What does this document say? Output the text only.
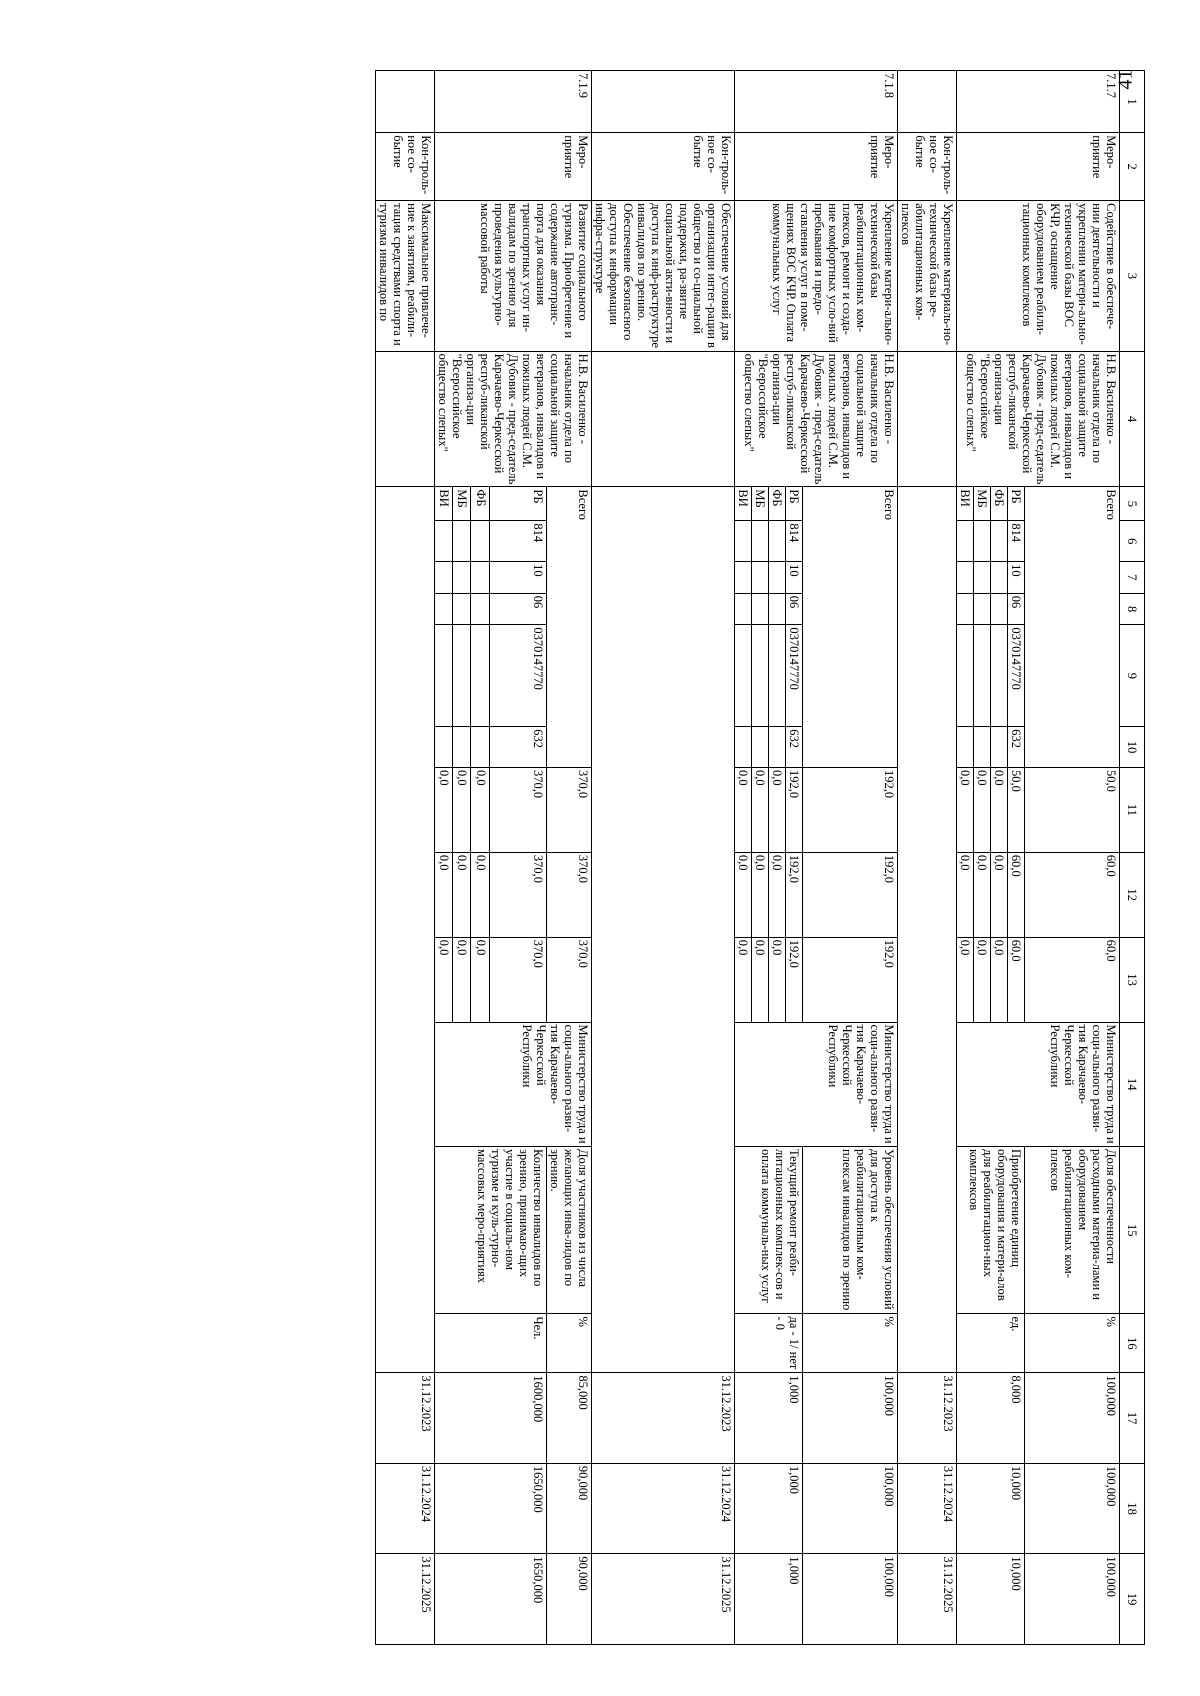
41
1	2	3	4	5	6	7	8	9	10	11	12	13	14	15	16	17	18	19
7.1.7	Меро-приятие	Содействие в обеспече-нии деятельности и укреплении матери-ально-технической базы ВОС КЧР, оснащение оборудованием реабили-тационных комплексов	Н.В. Василенко - начальник отдела по социальной защите ветеранов, инвалидов и пожилых людей С.М. Дубовик - пред-седатель Карачаево-Черкесской респуб-ликанской организа-ции "Всероссийское общество слепых"	Всего						50,0	60,0	60,0	Министерство труда и соци-ального разви-тия Карачаево-Черкесской Республики	Доля обеспеченности расходными материа-лами и оборудованием реабилитационных ком-плексов	%	100,000	100,000	100,000
				РБ	814	10	06	0370147770	632	50,0	60,0	60,0		Приобретение единиц оборудования и матери-алов для реабилитацион-ных комплексов	ед.	8,000	10,000	10,000
				ФБ						0,0	0,0	0,0						
				МБ						0,0	0,0	0,0						
				ВИ						0,0	0,0	0,0						
	Кон-троль-ное со-бытие	Укрепление материаль-но-технической базы ре-абилитационных ком-плексов														31.12.2023	31.12.2024	31.12.2025
7.1.8	Меро-приятие	Укрепление матери-ально-технической базы реабилитационных ком-плексов, ремонт и созда-ние комфортных усло-вий пребывания и предо-ставления услуг в поме-щениях ВОС КЧР. Оплата коммунальных услуг	Н.В. Василенко - начальник отдела по социальной защите ветеранов, инвалидов и пожилых людей С.М. Дубовик - пред-седатель Карачаево-Черкесской респуб-ликанской организа-ции "Всероссийское общество слепых"	Всего						192,0	192,0	192,0	Министерство труда и соци-ального разви-тия Карачаево-Черкесской Республики	Уровень обеспечения условий для доступа к реабилитационным ком-плексам инвалидов по зрению	%	100,000	100,000	100,000
				РБ	814	10	06	0370147770	632	192,0	192,0	192,0		Текущий ремонт реаби-литационных комплек-сов и оплата коммуналь-ных услуг	да - 1/ нет - 0	1,000	1,000	1,000
				ФБ						0,0	0,0	0,0						
				МБ						0,0	0,0	0,0						
				ВИ						0,0	0,0	0,0						
	Кон-троль-ное со-бытие	Обеспечение условий для организации интег-рации в общество и со-циальной поддержки, ра-звитие социальной акти-вности и доступа к инф-раструктуре инвалидов по зрению. Обеспечение безопасного доступа к информации инфра-структуре														31.12.2023	31.12.2024	31.12.2025
7.1.9	Меро-приятие	Развитие социального туризма. Приобретение и содержание автотранс-порта для оказания транспортных услуг ин-валидам по зрению для проведения культурно-массовой работы	Н.В. Василенко - начальник отдела по социальной защите ветеранов, инвалидов и пожилых людей С.М. Дубовик - пред-седатель Карачаево-Черкесской респуб-ликанской организа-ции "Всероссийское общество слепых"	Всего						370,0	370,0	370,0	Министерство труда и соци-ального разви-тия Карачаево-Черкесской Республики	Доля участников из числа желающих инва-лидов по зрению.	%	85,000	90,000	90,000
				РБ	814	10	06	0370147770	632	370,0	370,0	370,0		Количество инвалидов по зрению, принимаю-щих участие в социаль-ном туризме и куль-турно-массовых меро-приятиях	Чел.	1600,000	1650,000	1650,000
				ФБ						0,0	0,0	0,0						
				МБ						0,0	0,0	0,0						
				ВИ						0,0	0,0	0,0						
	Кон-троль-ное со-бытие	Максимальное привлече-ние к занятиям, реабили-тация средствами спорта и туризма инвалидов по														31.12.2023	31.12.2024	31.12.2025
